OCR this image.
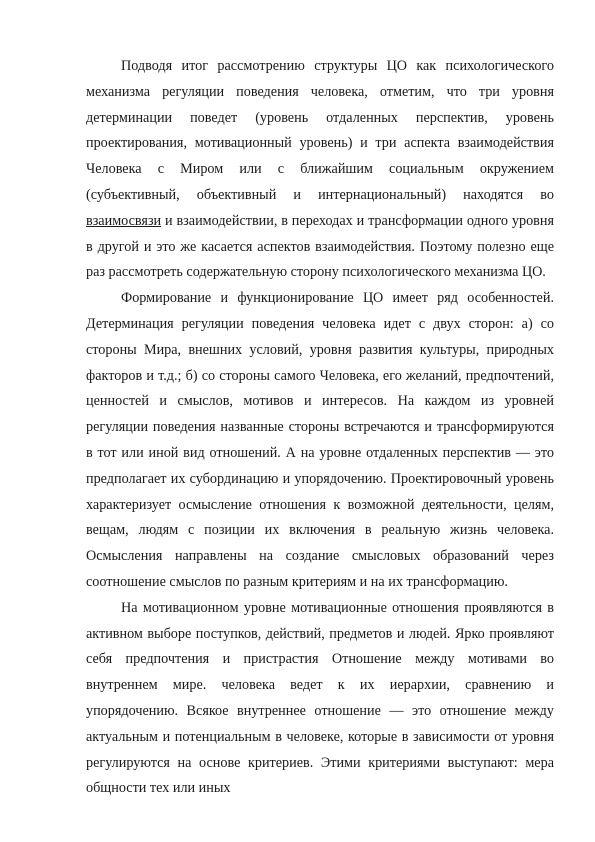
Подводя итог рассмотрению структуры ЦО как психологического механизма регуляции поведения человека, отметим, что три уровня детерминации поведет (уровень отдаленных перспектив, уровень проектирования, мотивационный уровень) и три аспекта взаимодействия Человека с Миром или с ближайшим социальным окружением (субъективный, объективный и интернациональный) находятся во взаимосвязи и взаимодействии, в переходах и трансформации одного уровня в другой и это же касается аспектов взаимодействия. Поэтому полезно еще раз рассмотреть содержательную сторону психологического механизма ЦО.

Формирование и функционирование ЦО имеет ряд особенностей. Детерминация регуляции поведения человека идет с двух сторон: а) со стороны Мира, внешних условий, уровня развития культуры, природных факторов и т.д.; б) со стороны самого Человека, его желаний, предпочтений, ценностей и смыслов, мотивов и интересов. На каждом из уровней регуляции поведения названные стороны встречаются и трансформируются в тот или иной вид отношений. А на уровне отдаленных перспектив — это предполагает их субординацию и упорядочению. Проектировочный уровень характеризует осмысление отношения к возможной деятельности, целям, вещам, людям с позиции их включения в реальную жизнь человека. Осмысления направлены на создание смысловых образований через соотношение смыслов по разным критериям и на их трансформацию.

На мотивационном уровне мотивационные отношения проявляются в активном выборе поступков, действий, предметов и людей. Ярко проявляют себя предпочтения и пристрастия Отношение между мотивами во внутреннем мире. человека ведет к их иерархии, сравнению и упорядочению. Всякое внутреннее отношение — это отношение между актуальным и потенциальным в человеке, которые в зависимости от уровня регулируются на основе критериев. Этими критериями выступают: мера общности тех или иных
